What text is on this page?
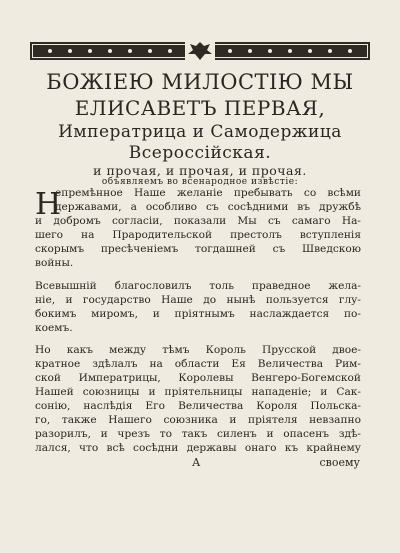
БОЖІЕЮ МИЛОСТІЮ МЫ
ЕЛИСАВЕТЪ ПЕРВАЯ,
Императрица и Самодержица
Всероссійская.
и прочая, и прочая, и прочая.
объявляемъ во всенародное извѣстіе:
Н
епремѣнное Наше желаніе пребывать со всѣми
державами, а особливо съ сосѣдними въ дружбѣ
и добромъ согласіи, показали Мы съ самаго На-
шего на Прародительской престолъ вступленія
скорымъ пресѣченіемъ тогдашней съ Шведскою
войны.
Всевышній благословилъ толь праведное жела-
ніе, и государство Наше до нынѣ пользуется глу-
бокимъ миромъ, и пріятнымъ наслаждается по-
коемъ.
Но какъ между тѣмъ Король Прусской двое-
кратное здѣлалъ на области Ея Величества Рим-
ской Императрицы, Королевы Венгеро-Богемской
Нашей союзницы и пріятельницы нападеніе; и Сак-
сонію, наслѣдія Его Величества Короля Польска-
го, также Нашего союзника и пріятеля невзапно
разорилъ, и чрезъ то такъ силенъ и опасенъ здѣ-
лался, что всѣ сосѣдни державы онаго къ крайнему
А	своему
